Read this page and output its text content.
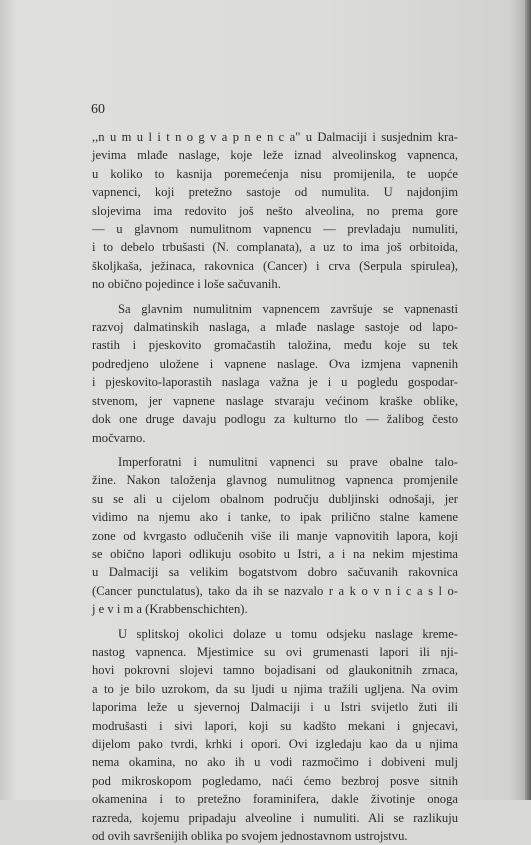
60

,,n u m u l i t n o g v a p n e n c a" u Dalmaciji i susjednim kra-
jevima mlađe naslage, koje leže iznad alveolinskog vapnenca,
u koliko to kasnija poremećenja nisu promijenila, te uopće
vapnenci, koji pretežno sastoje od numulita. U najdonjim
slojevima ima redovito još nešto alveolina, no prema gore
— u glavnom numulitnom vapnencu — prevladaju numuliti,
i to debelo trbušasti (N. complanata), a uz to ima još orbitoida,
školjkaša, ježinaca, rakovnica (Cancer) i crva (Serpula spirulea),
no obično pojedince i loše sačuvanih.

Sa glavnim numulitnim vapnencem završuje se vapnenasti
razvoj dalmatinskih naslaga, a mlađe naslage sastoje od lapo-
rastih i pjeskovito gromačastih taložina, među koje su tek
podredjeno uložene i vapnene naslage. Ova izmjena vapnenih
i pjeskovito-laporastih naslaga važna je i u pogledu gospodar-
stvenom, jer vapnene naslage stvaraju većinom kraške oblike,
dok one druge davaju podlogu za kulturno tlo — žalibog često
močvarno.

Imperforatni i numulitni vapnenci su prave obalne talo-
žine. Nakon taloženja glavnog numulitnog vapnenca promjenile
su se ali u cijelom obalnom području dubljinski odnošaji, jer
vidimo na njemu ako i tanke, to ipak prilično stalne kamene
zone od kvrgasto odlučenih više ili manje vapnovitih lapora, koji
se obično lapori odlikuju osobito u Istri, a i na nekim mjestima
u Dalmaciji sa velikim bogatstvom dobro sačuvanih rakovnica
(Cancer punctulatus), tako da ih se nazvalo r a k o v n i c a s l o-
j e v i m a (Krabbenschichten).

U splitskoj okolici dolaze u tomu odsjeku naslage kreme-
nastog vapnenca. Mjestimice su ovi grumenasti lapori ili nji-
hovi pokrovni slojevi tamno bojadisani od glaukonitnih zrnaca,
a to je bilo uzrokom, da su ljudi u njima tražili ugljena. Na ovim
laporima leže u sjevernoj Dalmaciji i u Istri svijetlo žuti ili
modrušasti i sivi lapori, koji su kadšto mekani i gnjecavi,
dijelom pako tvrdi, krhki i opori. Ovi izgledaju kao da u njima
nema okamina, no ako ih u vodi razmočimo i dobiveni mulj
pod mikroskopom pogledamo, naći ćemo bezbroj posve sitnih
okamenina i to pretežno foraminifera, dakle životinje onoga
razreda, kojemu pripadaju alveoline i numuliti. Ali se razlikuju
od ovih savršenijih oblika po svojem jednostavnom ustrojstvu.
